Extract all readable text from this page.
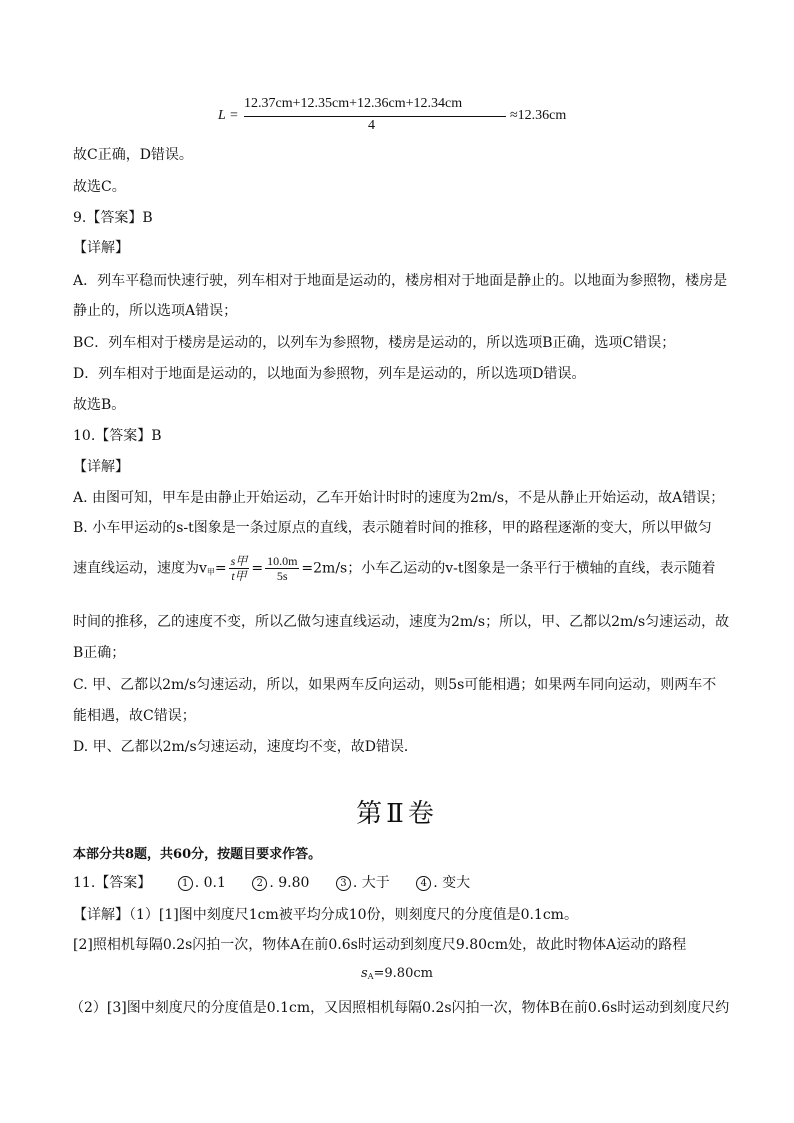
L =
12.37cm+12.35cm+12.36cm+12.34cm
4
≈12.36cm
故C正确，D错误。
故选C。
9.【答案】B
【详解】
A．列车平稳而快速行驶，列车相对于地面是运动的，楼房相对于地面是静止的。以地面为参照物，楼房是
静止的，所以选项A错误；
BC．列车相对于楼房是运动的，以列车为参照物，楼房是运动的，所以选项B正确，选项C错误；
D．列车相对于地面是运动的，以地面为参照物，列车是运动的，所以选项D错误。
故选B。
10.【答案】B
【详解】
A. 由图可知，甲车是由静止开始运动，乙车开始计时时的速度为2m/s，不是从静止开始运动，故A错误；
B. 小车甲运动的s-t图象是一条过原点的直线，表示随着时间的推移，甲的路程逐渐的变大，所以甲做匀
速直线运动，速度为$v_甲= \frac{\text{s甲}}{\text{t甲}} = \frac{10.0m}{5s} =2m/s$；小车乙运动的v-t图象是一条平行于横轴的直线，表示随着
时间的推移，乙的速度不变，所以乙做匀速直线运动，速度为2m/s；所以，甲、乙都以2m/s匀速运动，故
B正确；
C. 甲、乙都以2m/s匀速运动，所以，如果两车反向运动，则5s可能相遇；如果两车同向运动，则两车不
能相遇，故C错误；
D. 甲、乙都以2m/s匀速运动，速度均不变，故D错误．
第Ⅱ卷
本部分共8题，共60分，按题目要求作答。
11.【答案】	1 . 0.1	2 . 9.80	3 . 大于	4 . 变大
【详解】（1）[1]图中刻度尺1cm被平均分成10份，则刻度尺的分度值是0.1cm。
[2]照相机每隔0.2s闪拍一次，物体A在前0.6s时运动到刻度尺9.80cm处，故此时物体A运动的路程
$s_A=9.80cm$
（2）[3]图中刻度尺的分度值是0.1cm，又因照相机每隔0.2s闪拍一次，物体B在前0.6s时运动到刻度尺约
